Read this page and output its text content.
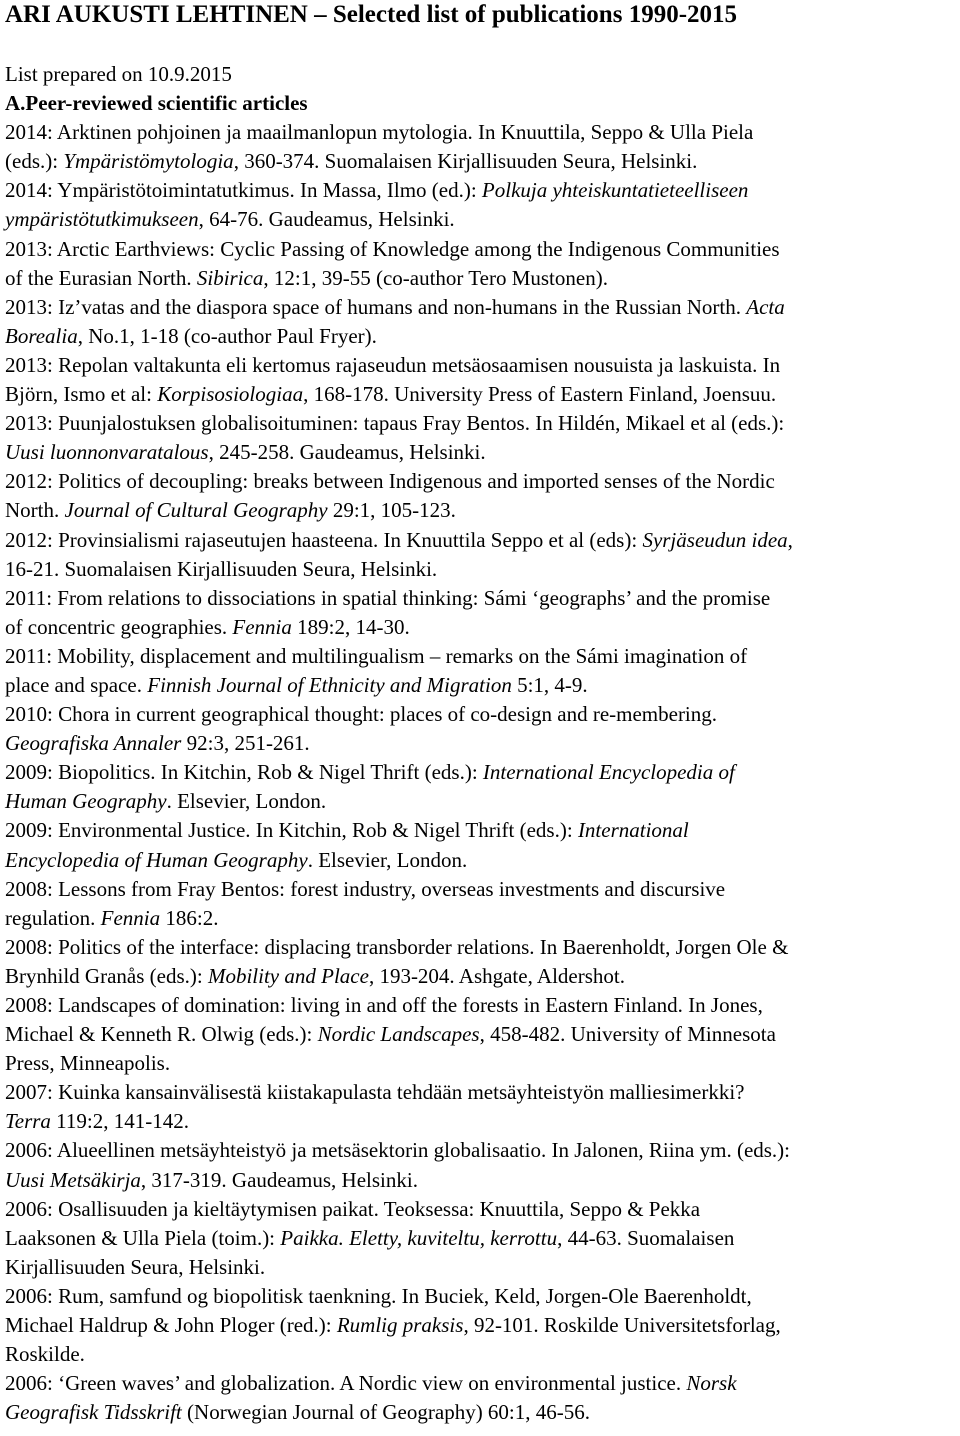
ARI AUKUSTI LEHTINEN – Selected list of publications 1990-2015

List prepared on 10.9.2015

A.Peer-reviewed scientific articles

2014: Arktinen pohjoinen ja maailmanlopun mytologia. In Knuuttila, Seppo & Ulla Piela

(eds.): Ympäristömytologia, 360-374. Suomalaisen Kirjallisuuden Seura, Helsinki.

2014: Ympäristötoimintatutkimus. In Massa, Ilmo (ed.): Polkuja yhteiskuntatieteelliseen

ympäristötutkimukseen, 64-76. Gaudeamus, Helsinki.

2013: Arctic Earthviews: Cyclic Passing of Knowledge among the Indigenous Communities

of the Eurasian North. Sibirica, 12:1, 39-55 (co-author Tero Mustonen).

2013: Iz’vatas and the diaspora space of humans and non-humans in the Russian North. Acta

Borealia, No.1, 1-18 (co-author Paul Fryer).

2013: Repolan valtakunta eli kertomus rajaseudun metsäosaamisen nousuista ja laskuista. In

Björn, Ismo et al: Korpisosiologiaa, 168-178. University Press of Eastern Finland, Joensuu.

2013: Puunjalostuksen globalisoituminen: tapaus Fray Bentos. In Hildén, Mikael et al (eds.):

Uusi luonnonvaratalous, 245-258. Gaudeamus, Helsinki.

2012: Politics of decoupling: breaks between Indigenous and imported senses of the Nordic

North. Journal of Cultural Geography 29:1, 105-123.

2012: Provinsialismi rajaseutujen haasteena. In Knuuttila Seppo et al (eds): Syrjäseudun idea,

16-21. Suomalaisen Kirjallisuuden Seura, Helsinki.

2011: From relations to dissociations in spatial thinking: Sámi ‘geographs’ and the promise

of concentric geographies. Fennia 189:2, 14-30.

2011: Mobility, displacement and multilingualism – remarks on the Sámi imagination of

place and space. Finnish Journal of Ethnicity and Migration 5:1, 4-9.

2010: Chora in current geographical thought: places of co-design and re-membering.

Geografiska Annaler 92:3, 251-261.

2009: Biopolitics. In Kitchin, Rob & Nigel Thrift (eds.): International Encyclopedia of

Human Geography. Elsevier, London.

2009: Environmental Justice. In Kitchin, Rob & Nigel Thrift (eds.): International

Encyclopedia of Human Geography. Elsevier, London.

2008: Lessons from Fray Bentos: forest industry, overseas investments and discursive

regulation. Fennia 186:2.

2008: Politics of the interface: displacing transborder relations. In Baerenholdt, Jorgen Ole &

Brynhild Granås (eds.): Mobility and Place, 193-204. Ashgate, Aldershot.

2008: Landscapes of domination: living in and off the forests in Eastern Finland. In Jones,

Michael & Kenneth R. Olwig (eds.): Nordic Landscapes, 458-482. University of Minnesota

Press, Minneapolis.

2007: Kuinka kansainvälisestä kiistakapulasta tehdään metsäyhteistyön malliesimerkki?

Terra 119:2, 141-142.

2006: Alueellinen metsäyhteistyö ja metsäsektorin globalisaatio. In Jalonen, Riina ym. (eds.):

Uusi Metsäkirja, 317-319. Gaudeamus, Helsinki.

2006: Osallisuuden ja kieltäytymisen paikat. Teoksessa: Knuuttila, Seppo & Pekka

Laaksonen & Ulla Piela (toim.): Paikka. Eletty, kuviteltu, kerrottu, 44-63. Suomalaisen

Kirjallisuuden Seura, Helsinki.

2006: Rum, samfund og biopolitisk taenkning. In Buciek, Keld, Jorgen-Ole Baerenholdt,

Michael Haldrup & John Ploger (red.): Rumlig praksis, 92-101. Roskilde Universitetsforlag,

Roskilde.

2006: ‘Green waves’ and globalization. A Nordic view on environmental justice. Norsk

Geografisk Tidsskrift (Norwegian Journal of Geography) 60:1, 46-56.
